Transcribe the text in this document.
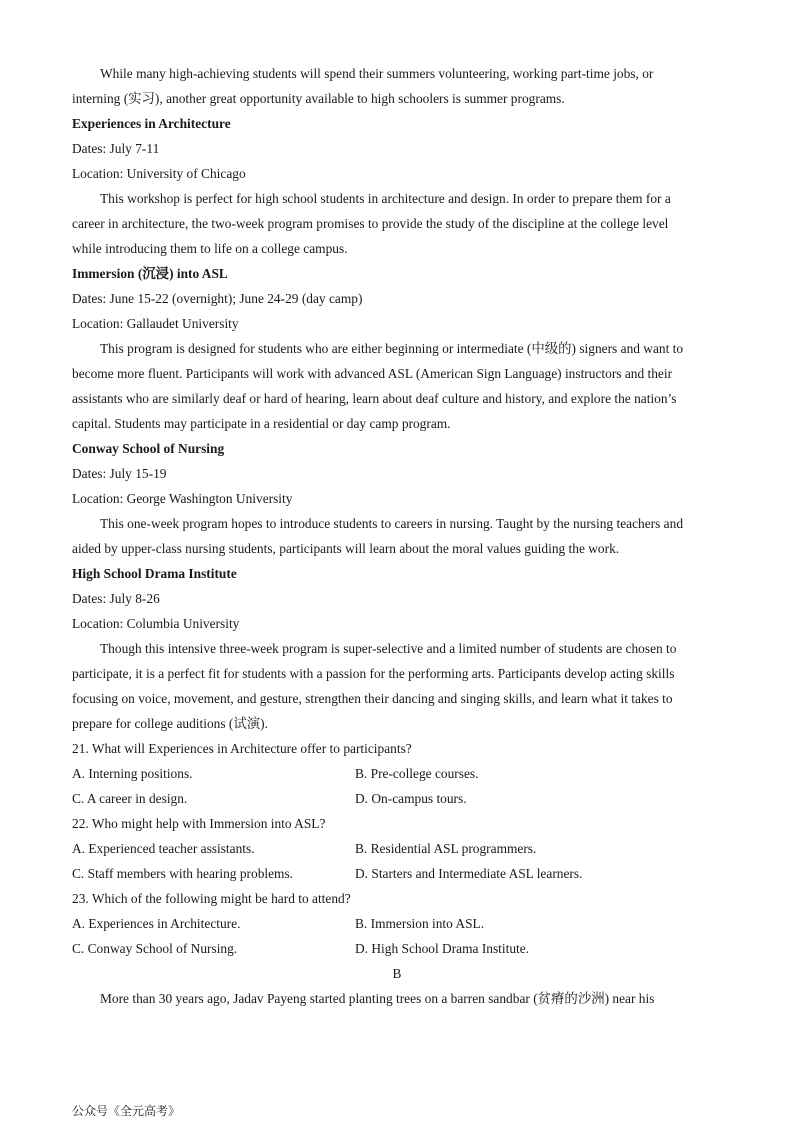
While many high-achieving students will spend their summers volunteering, working part-time jobs, or
interning (实习), another great opportunity available to high schoolers is summer programs.
Experiences in Architecture
Dates: July 7-11
Location: University of Chicago
This workshop is perfect for high school students in architecture and design. In order to prepare them for a
career in architecture, the two-week program promises to provide the study of the discipline at the college level
while introducing them to life on a college campus.
Immersion (沉浸) into ASL
Dates: June 15-22 (overnight); June 24-29 (day camp)
Location: Gallaudet University
This program is designed for students who are either beginning or intermediate (中级的) signers and want to
become more fluent. Participants will work with advanced ASL (American Sign Language) instructors and their
assistants who are similarly deaf or hard of hearing, learn about deaf culture and history, and explore the nation’s
capital. Students may participate in a residential or day camp program.
Conway School of Nursing
Dates: July 15-19
Location: George Washington University
This one-week program hopes to introduce students to careers in nursing. Taught by the nursing teachers and
aided by upper-class nursing students, participants will learn about the moral values guiding the work.
High School Drama Institute
Dates: July 8-26
Location: Columbia University
Though this intensive three-week program is super-selective and a limited number of students are chosen to
participate, it is a perfect fit for students with a passion for the performing arts. Participants develop acting skills
focusing on voice, movement, and gesture, strengthen their dancing and singing skills, and learn what it takes to
prepare for college auditions (试演).
21. What will Experiences in Architecture offer to participants?
A. Interning positions.	B. Pre-college courses.
C. A career in design.	D. On-campus tours.
22. Who might help with Immersion into ASL?
A. Experienced teacher assistants.	B. Residential ASL programmers.
C. Staff members with hearing problems.	D. Starters and Intermediate ASL learners.
23. Which of the following might be hard to attend?
A. Experiences in Architecture.	B. Immersion into ASL.
C. Conway School of Nursing.	D. High School Drama Institute.
B
More than 30 years ago, Jadav Payeng started planting trees on a barren sandbar (贫瘠的沙洲) near his
公众号《全元高考》
